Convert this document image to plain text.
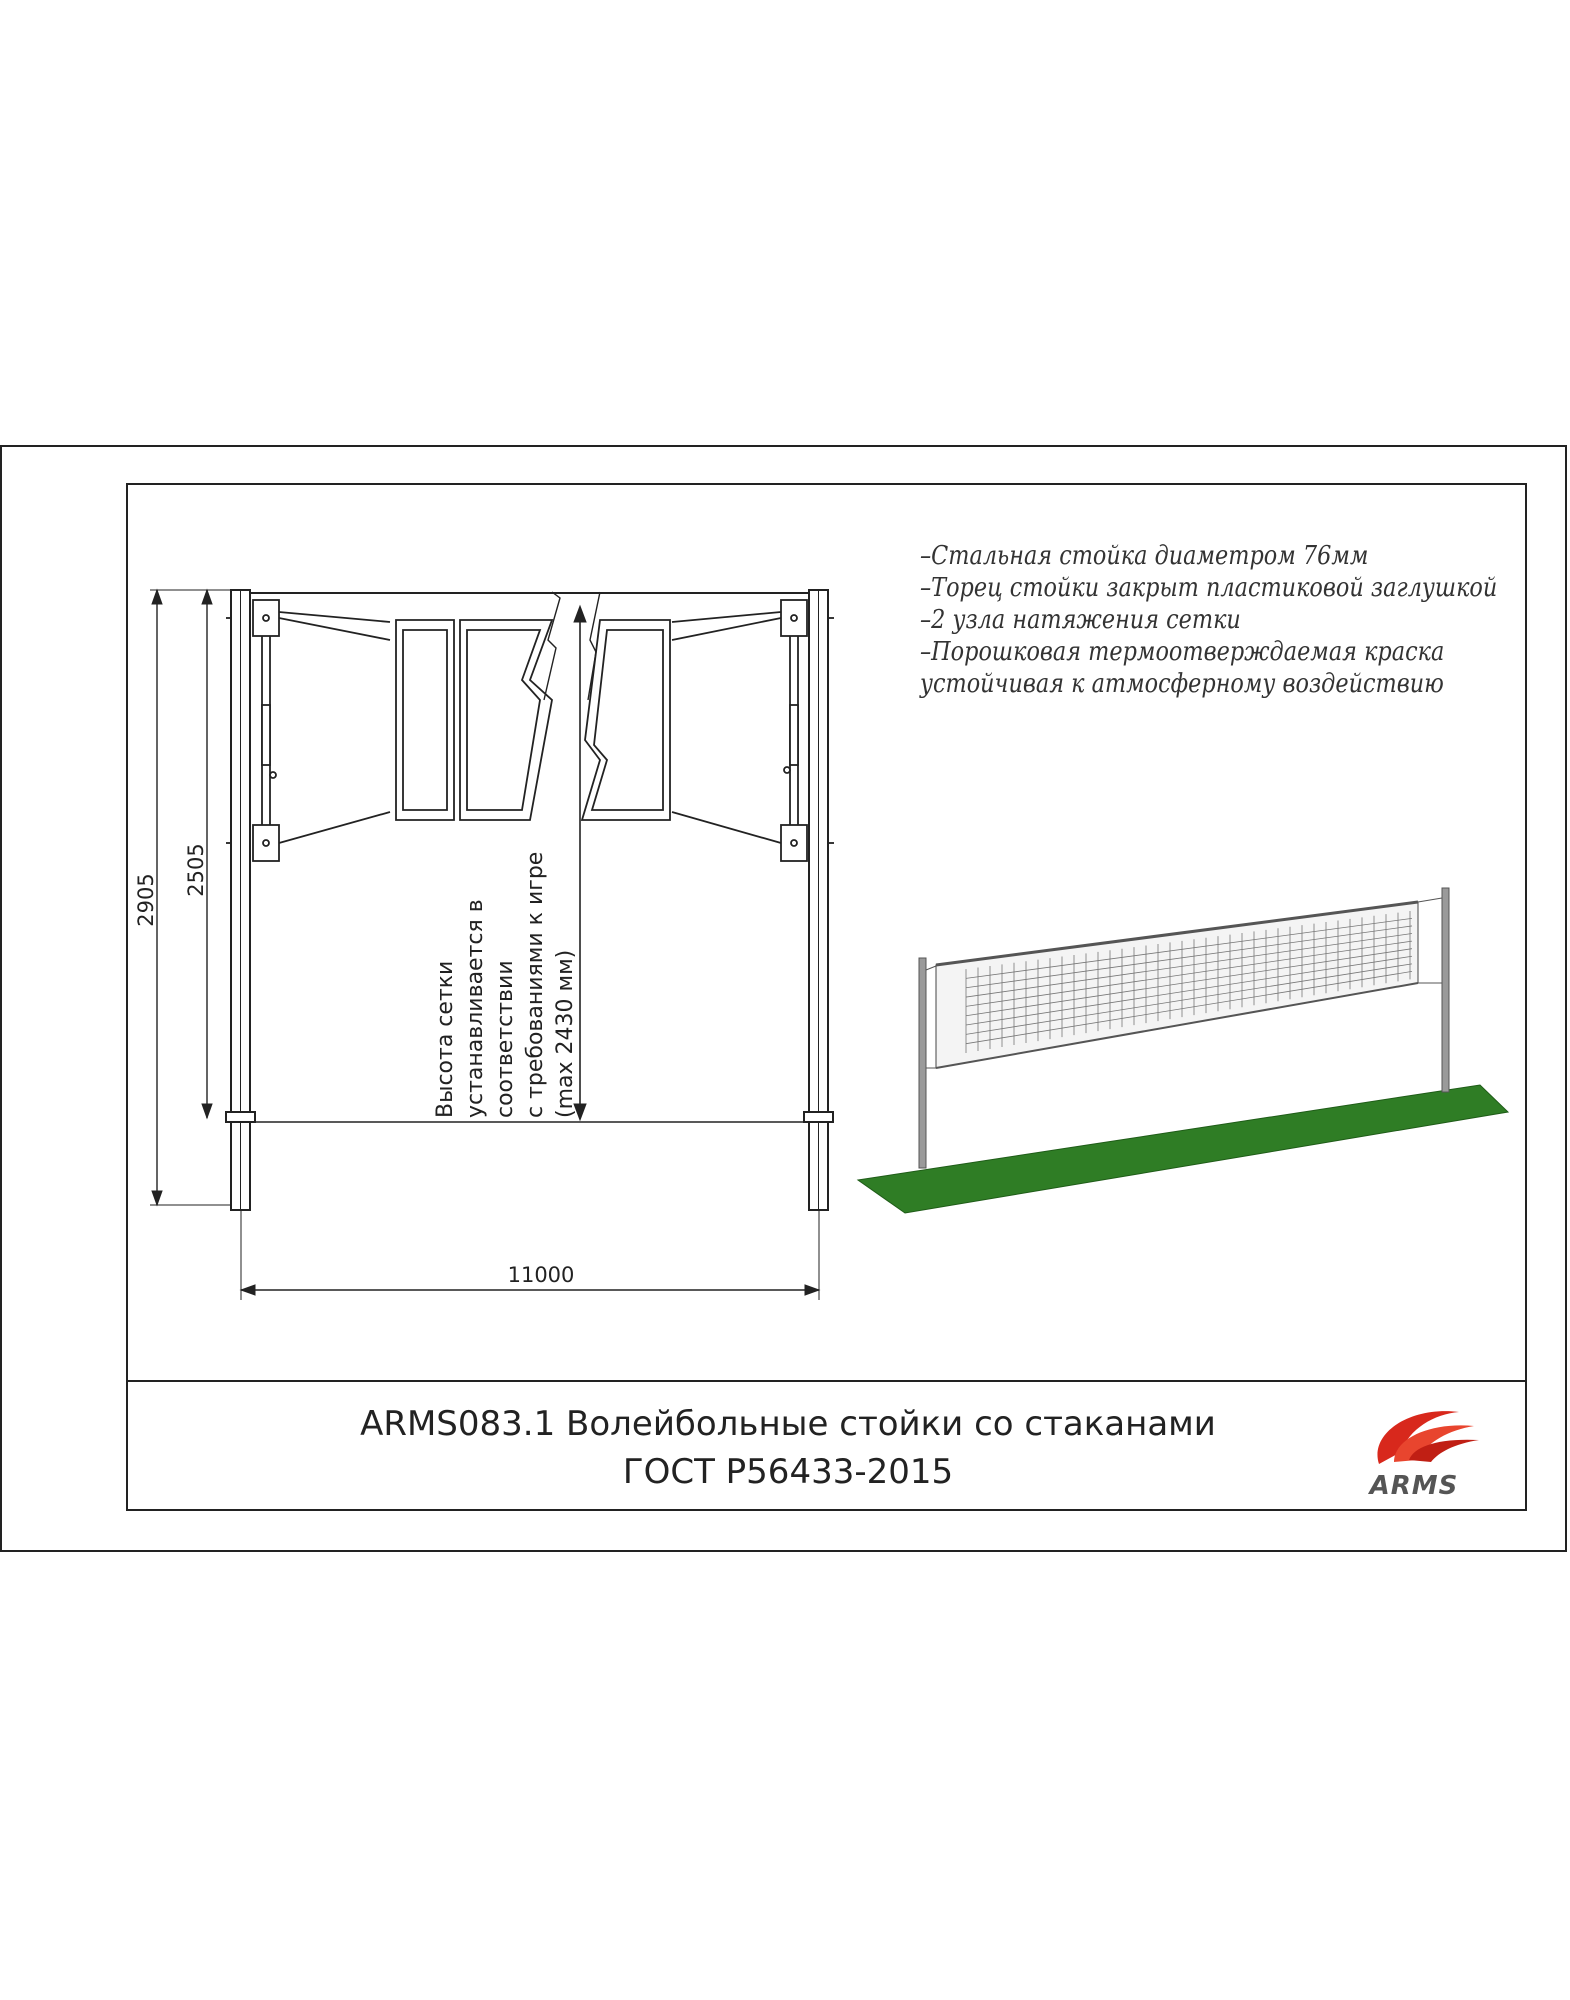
Высота сетки устанавливается в соответствии с требованиями к игре (max 2430 мм)
2905
2505
11000
–Стальная стойка диаметром 76мм
–Торец стойки закрыт пластиковой заглушкой
–2 узла натяжения сетки
–Порошковая термоотверждаемая краска
устойчивая к атмосферному воздействию
ARMS083.1 Волейбольные стойки со стаканами
ГОСТ Р56433-2015	ARMS
